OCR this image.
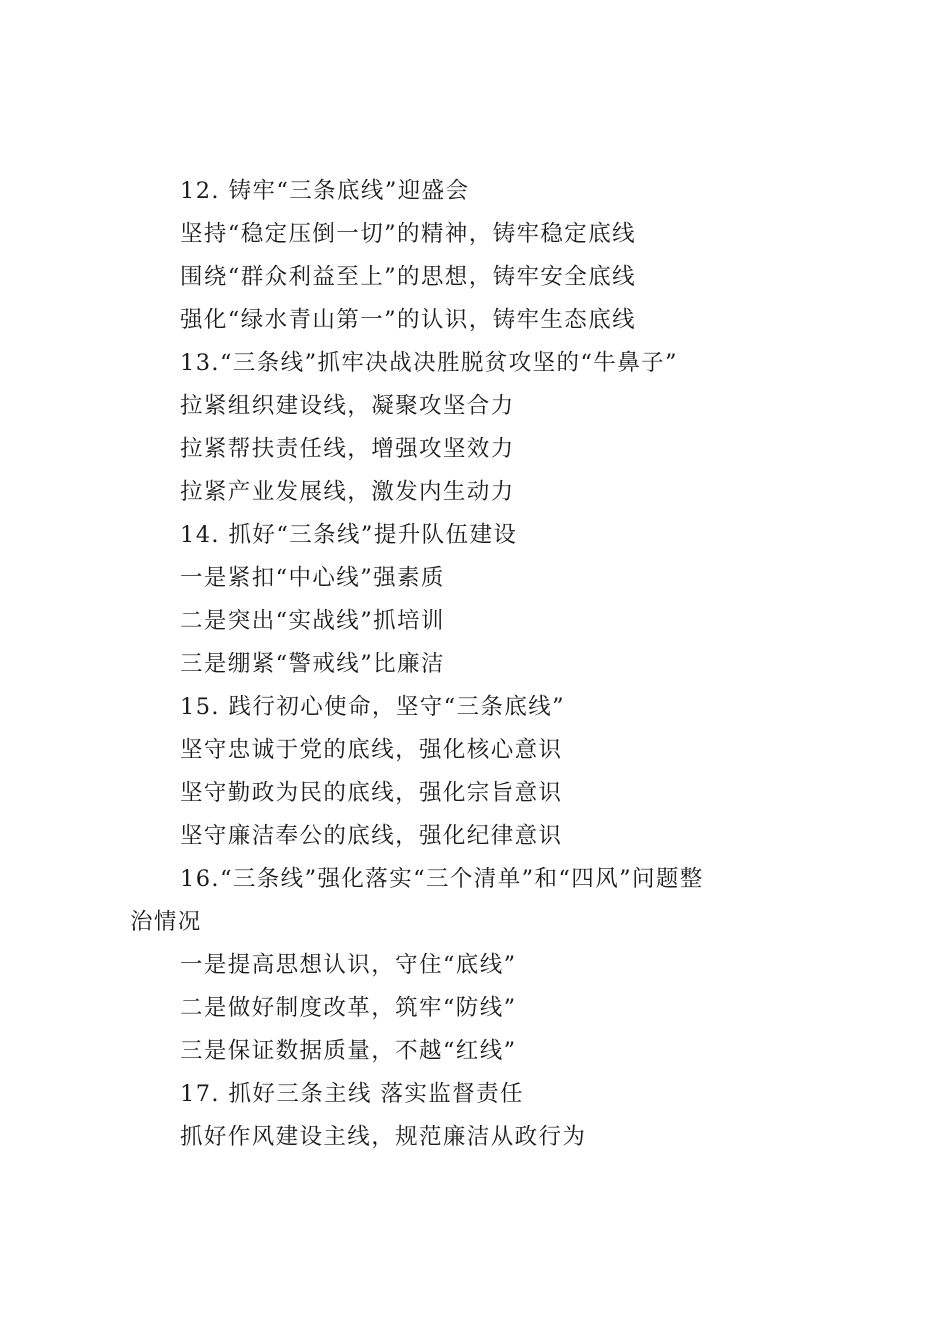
12. 铸牢“三条底线”迎盛会
坚持“稳定压倒一切”的精神，铸牢稳定底线
围绕“群众利益至上”的思想，铸牢安全底线
强化“绿水青山第一”的认识，铸牢生态底线
13.“三条线”抓牢决战决胜脱贫攻坚的“牛鼻子”
拉紧组织建设线，凝聚攻坚合力
拉紧帮扶责任线，增强攻坚效力
拉紧产业发展线，激发内生动力
14. 抓好“三条线”提升队伍建设
一是紧扣“中心线”强素质
二是突出“实战线”抓培训
三是绷紧“警戒线”比廉洁
15. 践行初心使命，坚守“三条底线”
坚守忠诚于党的底线，强化核心意识
坚守勤政为民的底线，强化宗旨意识
坚守廉洁奉公的底线，强化纪律意识
16.“三条线”强化落实“三个清单”和“四风”问题整
治情况
一是提高思想认识，守住“底线”
二是做好制度改革，筑牢“防线”
三是保证数据质量，不越“红线”
17. 抓好三条主线 落实监督责任
抓好作风建设主线，规范廉洁从政行为
